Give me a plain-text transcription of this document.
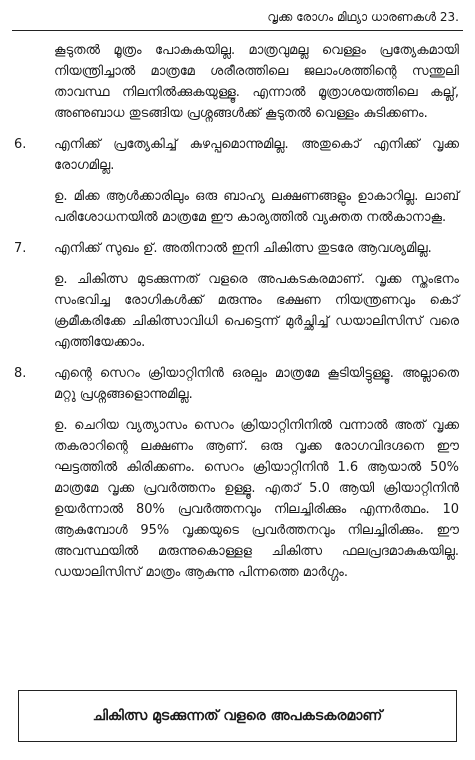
വൃക്ക രോഗം മിഥ്യാ ധാരണകൾ 23.

കൂടുതൽ മൂത്രം പോകുകയില്ല. മാത്രവുമല്ല വെള്ളം പ്രത്യേകമായി നിയന്ത്രിച്ചാൽ മാത്രമേ ശരീരത്തിലെ ജലാംശത്തിന്റെ സന്തുലി താവസ്ഥ നിലനിൽക്കുകയുള്ളൂ. എന്നാൽ മൂത്രാശയത്തിലെ കല്ല്, അണുബാധ തുടങ്ങിയ പ്രശ്നങ്ങൾക്ക് കൂടുതൽ വെള്ളം കുടിക്കണം.

6.	എനിക്ക് പ്രത്യേകിച്ച് കുഴപ്പമൊന്നുമില്ല. അതുകൊ് എനിക്ക് വൃക്ക രോഗമില്ല.

ഉ. മിക്ക ആൾക്കാരിലും ഒരു ബാഹ്യ ലക്ഷണങ്ങളും ഉാകാറില്ല. ലാബ് പരിശോധനയിൽ മാത്രമേ ഈ കാര്യത്തിൽ വ്യക്തത നൽകാനാകൂ.

7.	എനിക്ക് സുഖം ഉ്. അതിനാൽ ഇനി ചികിത്സ തുടരേ ആവശ്യമില്ല.

ഉ. ചികിത്സ മുടക്കുന്നത് വളരെ അപകടകരമാണ്. വൃക്ക സ്തംഭനം സംഭവിച്ച രോഗികൾക്ക് മരുന്നും ഭക്ഷണ നിയന്ത്രണവും കൊ് ക്രമീകരിക്കേ ചികിത്സാവിധി പെട്ടെന്ന് മുർച്ഛിച്ച് ഡയാലിസിസ് വരെ എത്തിയേക്കാം.

8.	എന്റെ സെറം ക്രിയാറ്റിനിൻ ഒരല്പം മാത്രമേ കൂടിയിട്ടുള്ളൂ. അല്ലാതെ മറ്റു പ്രശ്നങ്ങളൊന്നുമില്ല.

ഉ. ചെറിയ വ്യത്യാസം സെറം ക്രിയാറ്റിനിനിൽ വന്നാൽ അത് വൃക്ക തകരാറിന്റെ ലക്ഷണം ആണ്. ഒരു വൃക്ക രോഗവിദഗ്ദനെ ഈ ഘട്ടത്തിൽ കിരിക്കണം. സെറം ക്രിയാറ്റിനിൻ 1.6 ആയാൽ 50% മാത്രമേ വൃക്ക പ്രവർത്തനം ഉള്ളൂ. എതാ് 5.0 ആയി ക്രിയാറ്റിനിൻ ഉയർന്നാൽ 80% പ്രവർത്തനവും നിലച്ചിരിക്കും എന്നർത്ഥം. 10 ആകുമ്പോൾ 95% വൃക്കയുടെ പ്രവർത്തനവും നിലച്ചിരിക്കും. ഈ അവസ്ഥയിൽ മരുന്നുകൊള്ളള ചികിത്സ ഫലപ്രദമാകുകയില്ല. ഡയാലിസിസ് മാത്രം ആകുന്നു പിന്നത്തെ മാർഗ്ഗം.

ചികിത്സ മുടക്കുന്നത് വളരെ അപകടകരമാണ്
